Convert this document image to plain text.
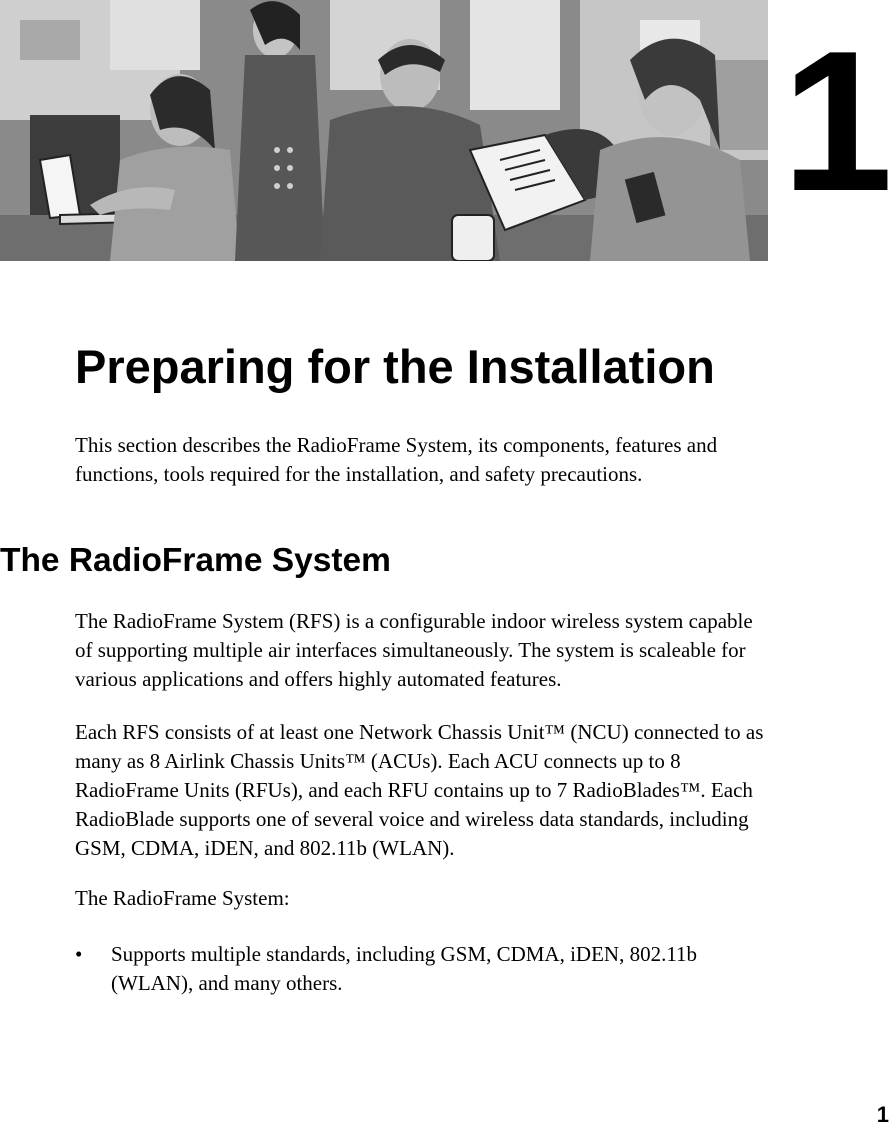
1
Preparing for the Installation

This section describes the RadioFrame System, its components, features and
functions, tools required for the installation, and safety precautions.

The RadioFrame System

The RadioFrame System (RFS) is a configurable indoor wireless system capable
of supporting multiple air interfaces simultaneously. The system is scaleable for
various applications and offers highly automated features.

Each RFS consists of at least one Network Chassis Unit™ (NCU) connected to as
many as 8 Airlink Chassis Units™ (ACUs). Each ACU connects up to 8
RadioFrame Units (RFUs), and each RFU contains up to 7 RadioBlades™. Each
RadioBlade supports one of several voice and wireless data standards, including
GSM, CDMA, iDEN, and 802.11b (WLAN).

The RadioFrame System:

• Supports multiple standards, including GSM, CDMA, iDEN, 802.11b
(WLAN), and many others.

1
